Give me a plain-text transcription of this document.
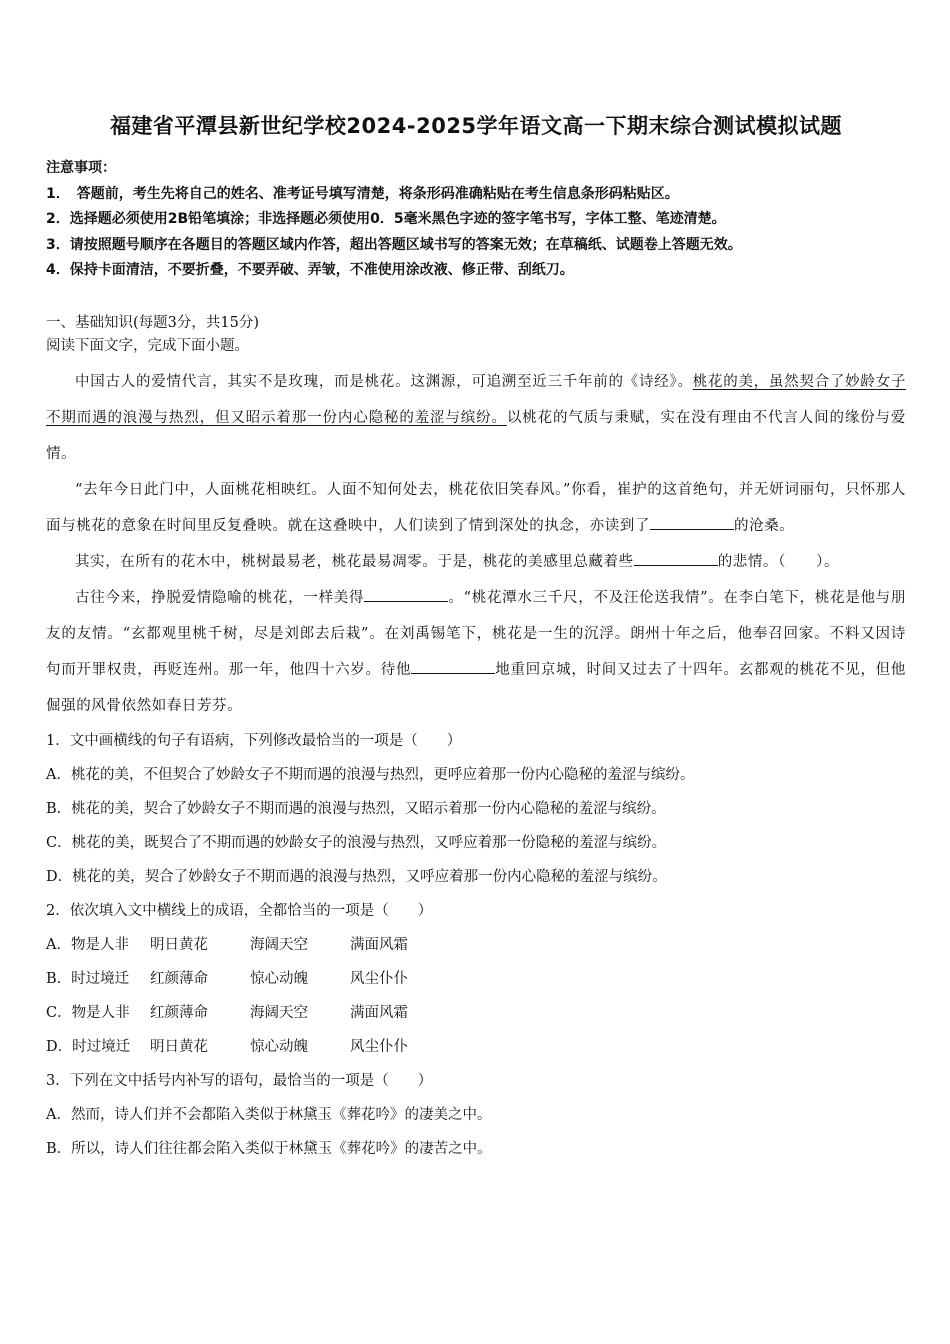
福建省平潭县新世纪学校2024-2025学年语文高一下期末综合测试模拟试题
注意事项：
1．　答题前，考生先将自己的姓名、准考证号填写清楚，将条形码准确粘贴在考生信息条形码粘贴区。
2．选择题必须使用2B铅笔填涂；非选择题必须使用0．5毫米黑色字迹的签字笔书写，字体工整、笔迹清楚。
3．请按照题号顺序在各题目的答题区域内作答，超出答题区域书写的答案无效；在草稿纸、试题卷上答题无效。
4．保持卡面清洁，不要折叠，不要弄破、弄皱，不准使用涂改液、修正带、刮纸刀。
一、基础知识(每题3分，共15分)
阅读下面文字，完成下面小题。

中国古人的爱情代言，其实不是玫瑰，而是桃花。这渊源，可追溯至近三千年前的《诗经》。桃花的美，虽然契合了妙龄女子不期而遇的浪漫与热烈，但又昭示着那一份内心隐秘的羞涩与缤纷。以桃花的气质与秉赋，实在没有理由不代言人间的缘份与爱情。

“去年今日此门中，人面桃花相映红。人面不知何处去，桃花依旧笑春风。”你看，崔护的这首绝句，并无妍词丽句，只怀那人面与桃花的意象在时间里反复叠映。就在这叠映中，人们读到了情到深处的执念，亦读到了	的沧桑。

其实，在所有的花木中，桃树最易老，桃花最易凋零。于是，桃花的美感里总藏着些	的悲情。（　　）。

古往今来，挣脱爱情隐喻的桃花，一样美得	。“桃花潭水三千尺，不及汪伦送我情”。在李白笔下，桃花是他与朋友的友情。“玄都观里桃千树，尽是刘郎去后栽”。在刘禹锡笔下，桃花是一生的沉浮。朗州十年之后，他奉召回家。不料又因诗句而开罪权贵，再贬连州。那一年，他四十六岁。待他	地重回京城，时间又过去了十四年。玄都观的桃花不见，但他倔强的风骨依然如春日芳芬。

1．文中画横线的句子有语病，下列修改最恰当的一项是（　　）
A．桃花的美，不但契合了妙龄女子不期而遇的浪漫与热烈，更呼应着那一份内心隐秘的羞涩与缤纷。
B．桃花的美，契合了妙龄女子不期而遇的浪漫与热烈，又昭示着那一份内心隐秘的羞涩与缤纷。
C．桃花的美，既契合了不期而遇的妙龄女子的浪漫与热烈，又呼应着那一份隐秘的羞涩与缤纷。
D．桃花的美，契合了妙龄女子不期而遇的浪漫与热烈，又呼应着那一份内心隐秘的羞涩与缤纷。
2．依次填入文中横线上的成语，全都恰当的一项是（　　）
A．物是人非 明日黄花	海阔天空	满面风霜
B．时过境迁 红颜薄命	惊心动魄	风尘仆仆
C．物是人非 红颜薄命	海阔天空	满面风霜
D．时过境迁 明日黄花	惊心动魄	风尘仆仆
3．下列在文中括号内补写的语句，最恰当的一项是（　　）
A．然而，诗人们并不会都陷入类似于林黛玉《葬花吟》的凄美之中。
B．所以，诗人们往往都会陷入类似于林黛玉《葬花吟》的凄苦之中。
